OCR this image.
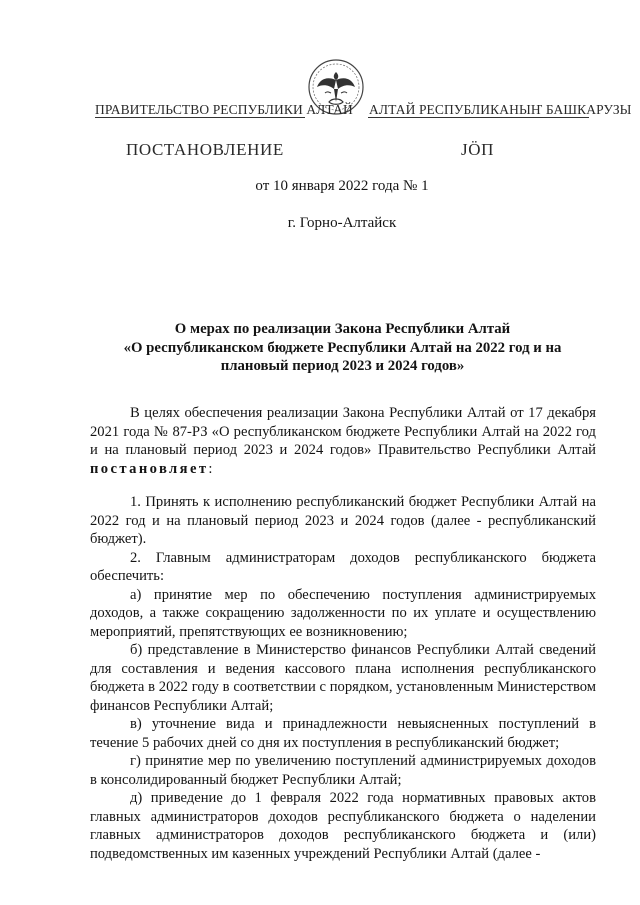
ПРАВИТЕЛЬСТВО РЕСПУБЛИКИ АЛТАЙ АЛТАЙ РЕСПУБЛИКАНЫҤ БАШКАРУЗЫ
ПОСТАНОВЛЕНИЕ	ЈÖП
от 10 января 2022 года № 1
г. Горно-Алтайск
О мерах по реализации Закона Республики Алтай
«О республиканском бюджете Республики Алтай на 2022 год и на
плановый период 2023 и 2024 годов»

В целях обеспечения реализации Закона Республики Алтай от 17 декабря 2021 года № 87-РЗ «О республиканском бюджете Республики Алтай на 2022 год и на плановый период 2023 и 2024 годов» Правительство Республики Алтай постановляет:

1. Принять к исполнению республиканский бюджет Республики Алтай на 2022 год и на плановый период 2023 и 2024 годов (далее - республиканский бюджет).

2. Главным администраторам доходов республиканского бюджета обеспечить:

а) принятие мер по обеспечению поступления администрируемых доходов, а также сокращению задолженности по их уплате и осуществлению мероприятий, препятствующих ее возникновению;

б) представление в Министерство финансов Республики Алтай сведений для составления и ведения кассового плана исполнения республиканского бюджета в 2022 году в соответствии с порядком, установленным Министерством финансов Республики Алтай;

в) уточнение вида и принадлежности невыясненных поступлений в течение 5 рабочих дней со дня их поступления в республиканский бюджет;

г) принятие мер по увеличению поступлений администрируемых доходов в консолидированный бюджет Республики Алтай;

д) приведение до 1 февраля 2022 года нормативных правовых актов главных администраторов доходов республиканского бюджета о наделении главных администраторов доходов республиканского бюджета и (или) подведомственных им казенных учреждений Республики Алтай (далее -
